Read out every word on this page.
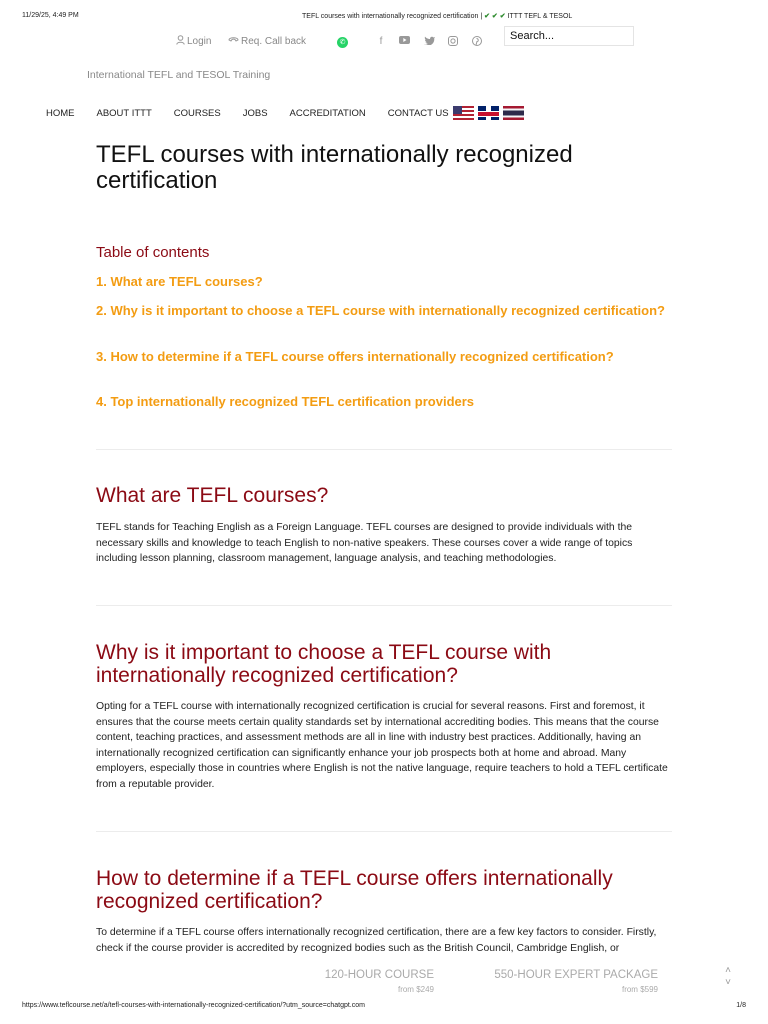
11/29/25, 4:49 PM	TEFL courses with internationally recognized certification | ✔ ✔ ✔ ITTT TEFL & TESOL
Login	Req. Call back	✆	f
Search...
International TEFL and TESOL Training
HOME ABOUT ITTT COURSES JOBS ACCREDITATION CONTACT US
TEFL courses with internationally recognized certification
Table of contents
1. What are TEFL courses?
2. Why is it important to choose a TEFL course with internationally recognized certification?
3. How to determine if a TEFL course offers internationally recognized certification?
4. Top internationally recognized TEFL certification providers
What are TEFL courses?

TEFL stands for Teaching English as a Foreign Language. TEFL courses are designed to provide individuals with the necessary skills and knowledge to teach English to non-native speakers. These courses cover a wide range of topics including lesson planning, classroom management, language analysis, and teaching methodologies.

Why is it important to choose a TEFL course with internationally recognized certification?

Opting for a TEFL course with internationally recognized certification is crucial for several reasons. First and foremost, it ensures that the course meets certain quality standards set by international accrediting bodies. This means that the course content, teaching practices, and assessment methods are all in line with industry best practices. Additionally, having an internationally recognized certification can significantly enhance your job prospects both at home and abroad. Many employers, especially those in countries where English is not the native language, require teachers to hold a TEFL certificate from a reputable provider.

How to determine if a TEFL course offers internationally recognized certification?

To determine if a TEFL course offers internationally recognized certification, there are a few key factors to consider. Firstly, check if the course provider is accredited by recognized bodies such as the British Council, Cambridge English, or

120-HOUR COURSE
from $249
550-HOUR EXPERT PACKAGE
from $599
˄
˅
https://www.teflcourse.net/a/tefl-courses-with-internationally-recognized-certification/?utm_source=chatgpt.com	1/8
